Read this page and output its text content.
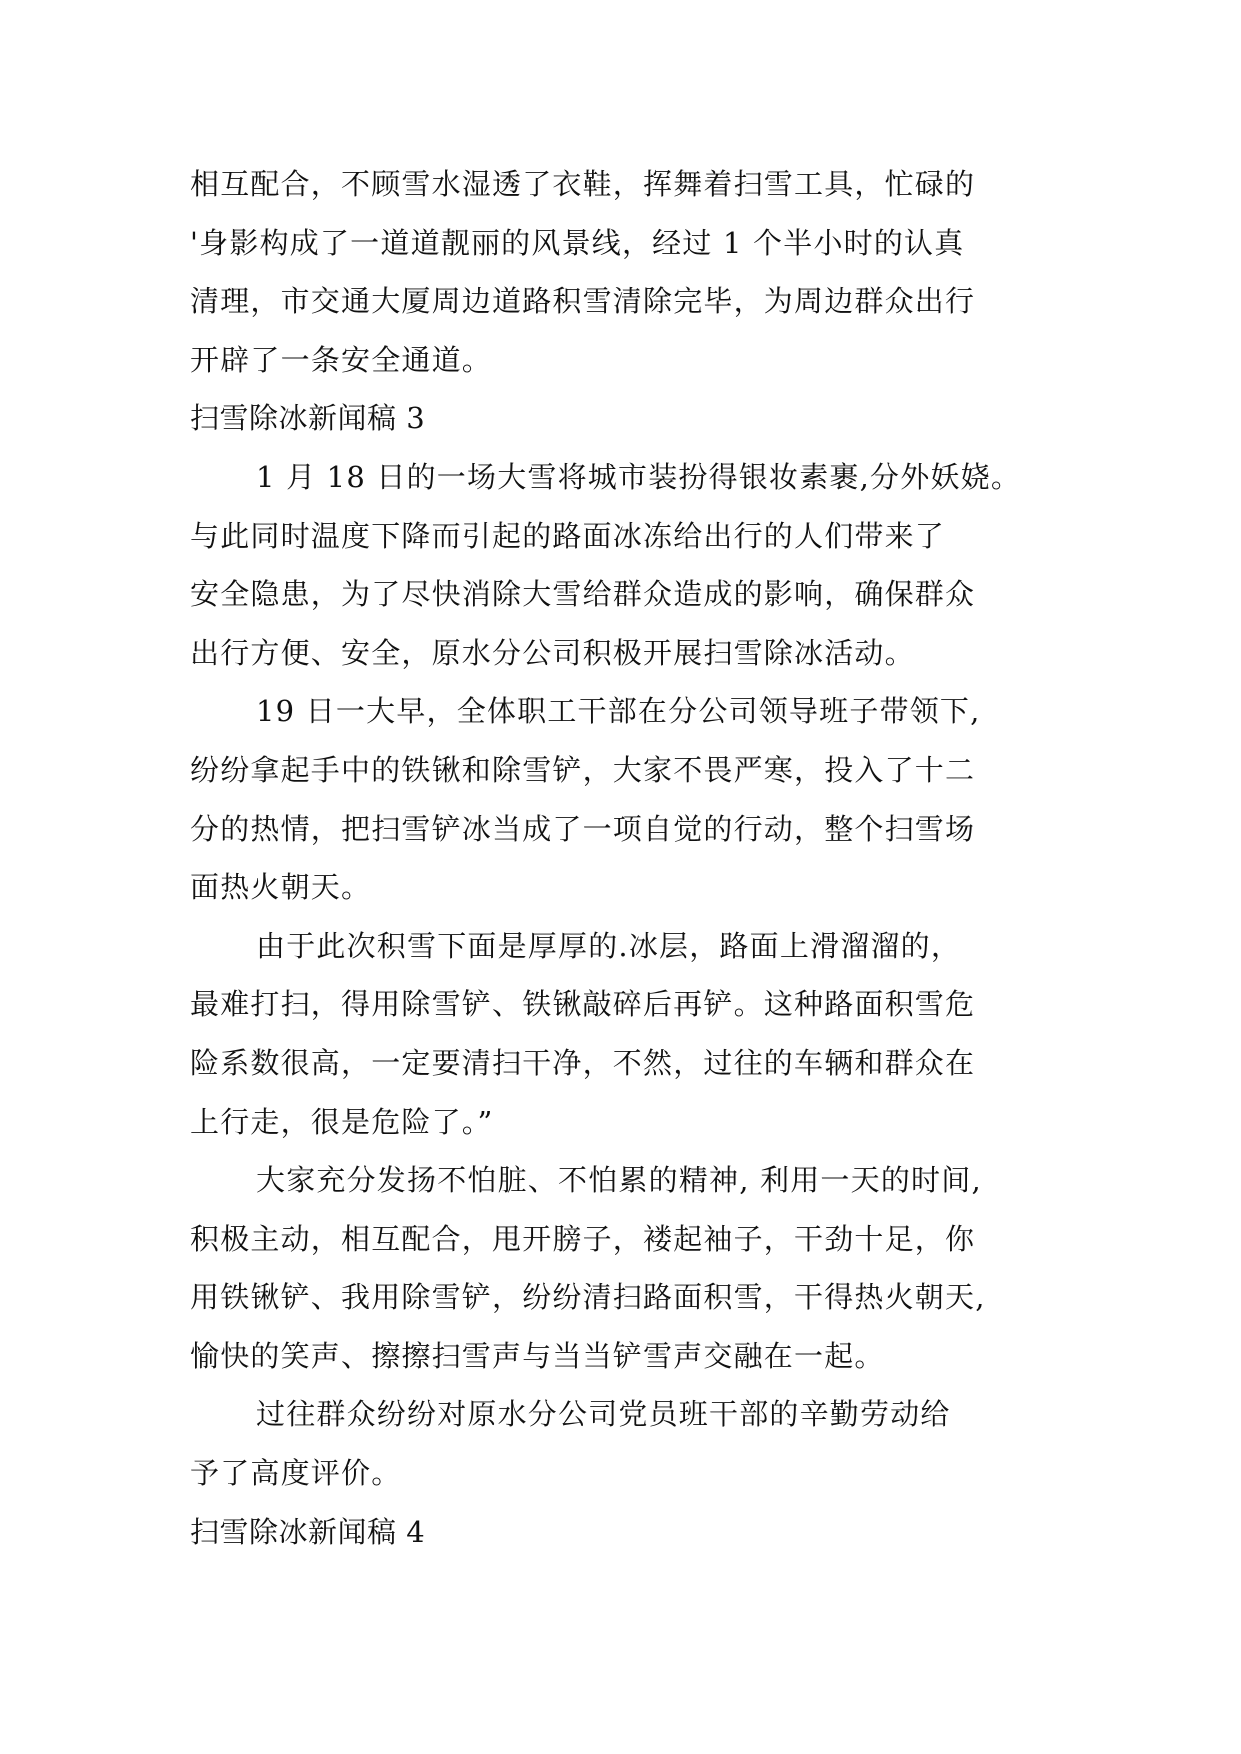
相互配合，不顾雪水湿透了衣鞋，挥舞着扫雪工具，忙碌的
'身影构成了一道道靓丽的风景线，经过 1 个半小时的认真
清理，市交通大厦周边道路积雪清除完毕，为周边群众出行
开辟了一条安全通道。
扫雪除冰新闻稿 3
1 月 18 日的一场大雪将城市装扮得银妆素裹,分外妖娆。
与此同时温度下降而引起的路面冰冻给出行的人们带来了
安全隐患，为了尽快消除大雪给群众造成的影响，确保群众
出行方便、安全，原水分公司积极开展扫雪除冰活动。
19 日一大早，全体职工干部在分公司领导班子带领下,
纷纷拿起手中的铁锹和除雪铲，大家不畏严寒，投入了十二
分的热情，把扫雪铲冰当成了一项自觉的行动，整个扫雪场
面热火朝天。
由于此次积雪下面是厚厚的.冰层，路面上滑溜溜的，
最难打扫，得用除雪铲、铁锹敲碎后再铲。这种路面积雪危
险系数很高，一定要清扫干净，不然，过往的车辆和群众在
上行走，很是危险了。”
大家充分发扬不怕脏、不怕累的精神, 利用一天的时间,
积极主动，相互配合，甩开膀子，褛起袖子，干劲十足，你
用铁锹铲、我用除雪铲，纷纷清扫路面积雪，干得热火朝天,
愉快的笑声、擦擦扫雪声与当当铲雪声交融在一起。
过往群众纷纷对原水分公司党员班干部的辛勤劳动给
予了高度评价。
扫雪除冰新闻稿 4
